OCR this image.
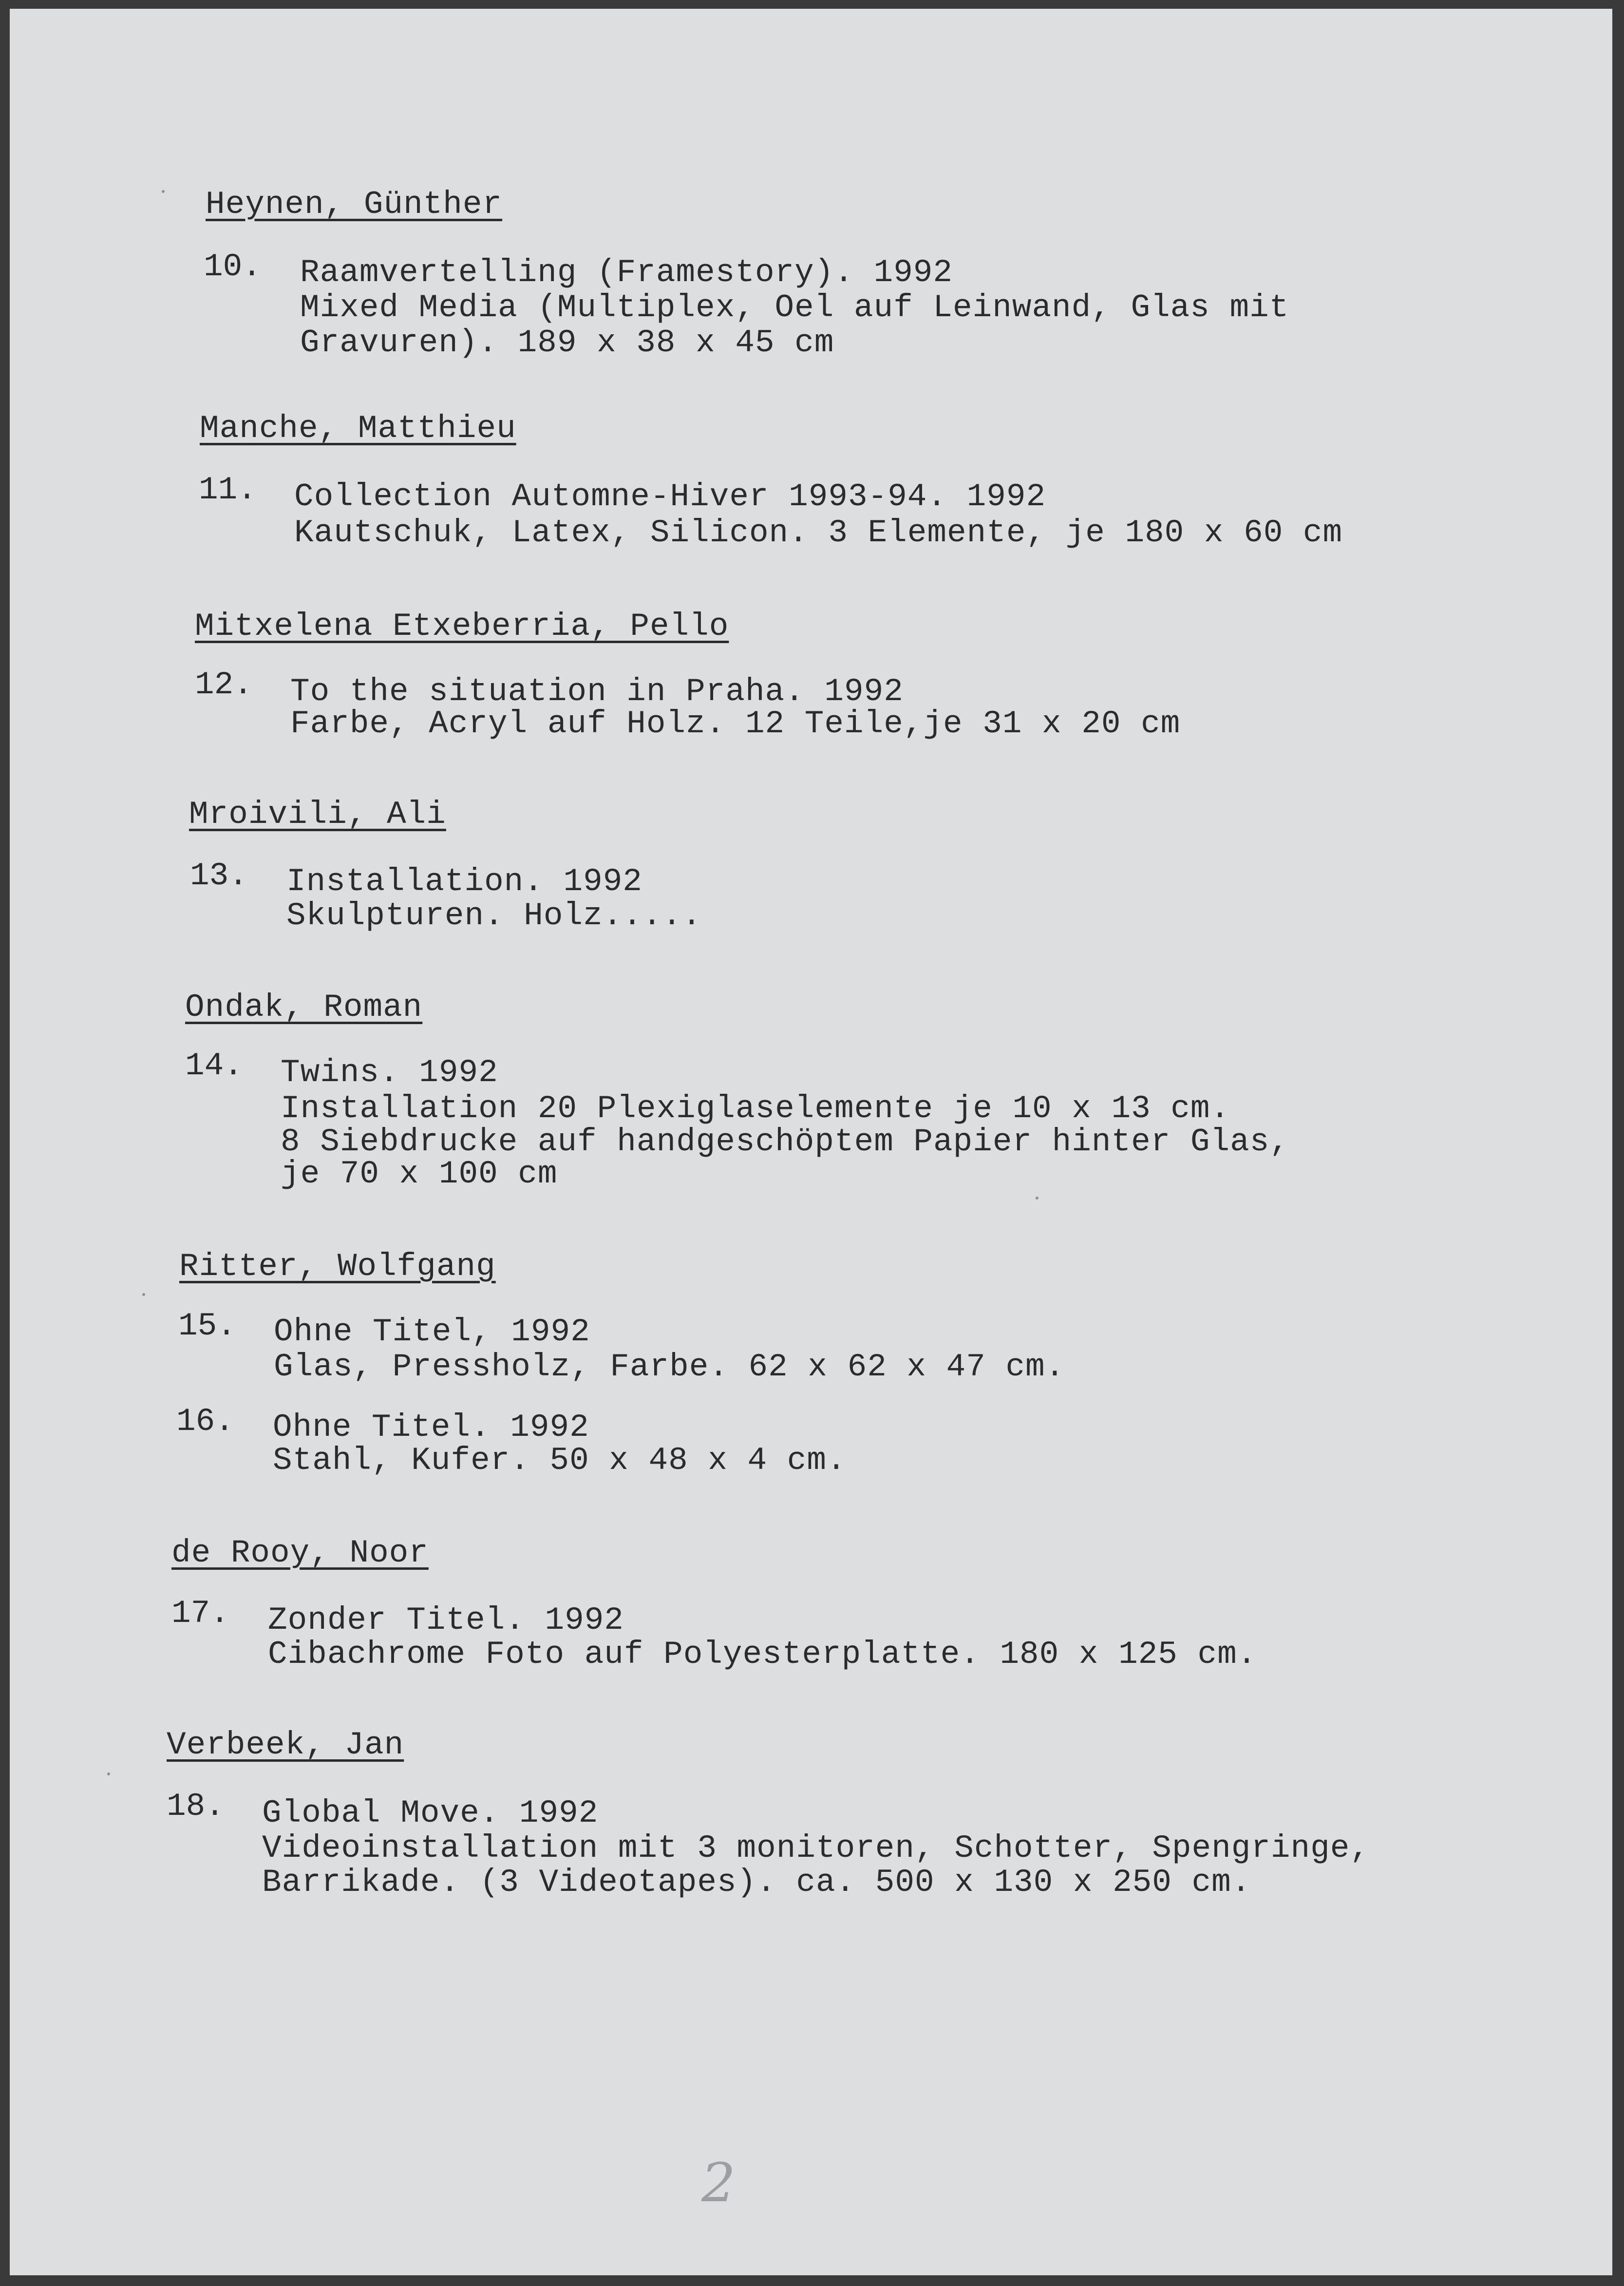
Heynen, Günther
10. Raamvertelling (Framestory). 1992
Mixed Media (Multiplex, Oel auf Leinwand, Glas mit
Gravuren). 189 x 38 x 45 cm
Manche, Matthieu
11. Collection Automne-Hiver 1993-94. 1992
Kautschuk, Latex, Silicon. 3 Elemente, je 180 x 60 cm
Mitxelena Etxeberria, Pello
12. To the situation in Praha. 1992
Farbe, Acryl auf Holz. 12 Teile,je 31 x 20 cm
Mroivili, Ali
13. Installation. 1992
Skulpturen. Holz.....
Ondak, Roman
14. Twins. 1992
Installation 20 Plexiglaselemente je 10 x 13 cm.
8 Siebdrucke auf handgeschöptem Papier hinter Glas,
je 70 x 100 cm
Ritter, Wolfgang
15. Ohne Titel, 1992
Glas, Pressholz, Farbe. 62 x 62 x 47 cm.
16. Ohne Titel. 1992
Stahl, Kufer. 50 x 48 x 4 cm.
de Rooy, Noor
17. Zonder Titel. 1992
Cibachrome Foto auf Polyesterplatte. 180 x 125 cm.
Verbeek, Jan
18. Global Move. 1992
Videoinstallation mit 3 monitoren, Schotter, Spengringe,
Barrikade. (3 Videotapes). ca. 500 x 130 x 250 cm.
2
